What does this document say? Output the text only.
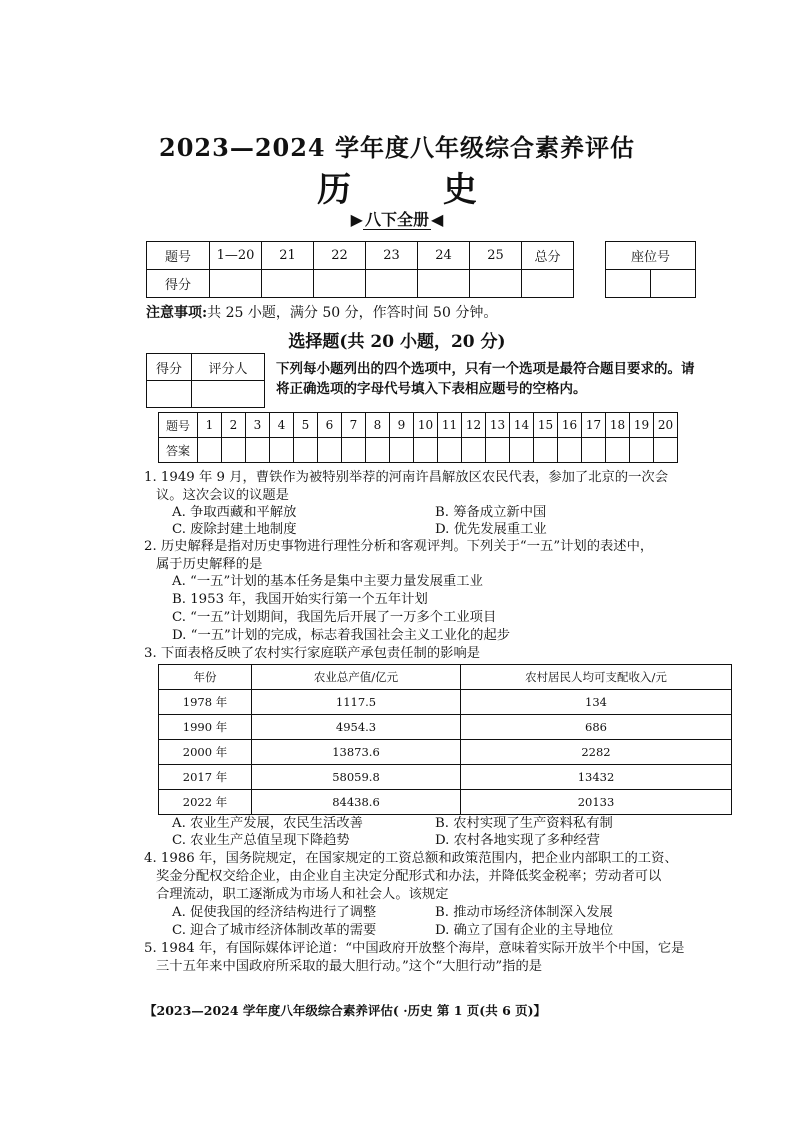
2023—2024 学年度八年级综合素养评估
历 史
▶ 八下全册 ◀
题号	1—20	21	22	23	24	25	总分
得分							
座位号

注意事项:共 25 小题，满分 50 分，作答时间 50 分钟。
选择题(共 20 小题，20 分)
得分	评分人
	下列每小题列出的四个选项中，只有一个选项是最符合题目要求的。请将正确选项的字母代号填入下表相应题号的空格内。
题号	1	2	3	4	5	6	7	8	9	10	11	12	13	14	15	16	17	18	19	20
答案																				
1. 1949 年 9 月，曹铁作为被特别举荐的河南许昌解放区农民代表，参加了北京的一次会
议。这次会议的议题是
A. 争取西藏和平解放	B. 筹备成立新中国
C. 废除封建土地制度	D. 优先发展重工业
2. 历史解释是指对历史事物进行理性分析和客观评判。下列关于“一五”计划的表述中，
属于历史解释的是
A. “一五”计划的基本任务是集中主要力量发展重工业
B. 1953 年，我国开始实行第一个五年计划
C. “一五”计划期间，我国先后开展了一万多个工业项目
D. “一五”计划的完成，标志着我国社会主义工业化的起步
3. 下面表格反映了农村实行家庭联产承包责任制的影响是
年份	农业总产值/亿元	农村居民人均可支配收入/元
1978 年	1117.5	134
1990 年	4954.3	686
2000 年	13873.6	2282
2017 年	58059.8	13432
2022 年	84438.6	20133
A. 农业生产发展，农民生活改善	B. 农村实现了生产资料私有制
C. 农业生产总值呈现下降趋势	D. 农村各地实现了多种经营
4. 1986 年，国务院规定，在国家规定的工资总额和政策范围内，把企业内部职工的工资、
奖金分配权交给企业，由企业自主决定分配形式和办法，并降低奖金税率；劳动者可以
合理流动，职工逐渐成为市场人和社会人。该规定
A. 促使我国的经济结构进行了调整	B. 推动市场经济体制深入发展
C. 迎合了城市经济体制改革的需要	D. 确立了国有企业的主导地位
5. 1984 年，有国际媒体评论道：“中国政府开放整个海岸，意味着实际开放半个中国，它是
三十五年来中国政府所采取的最大胆行动。”这个“大胆行动”指的是
【2023—2024 学年度八年级综合素养评估( ·历史 第 1 页(共 6 页)】
